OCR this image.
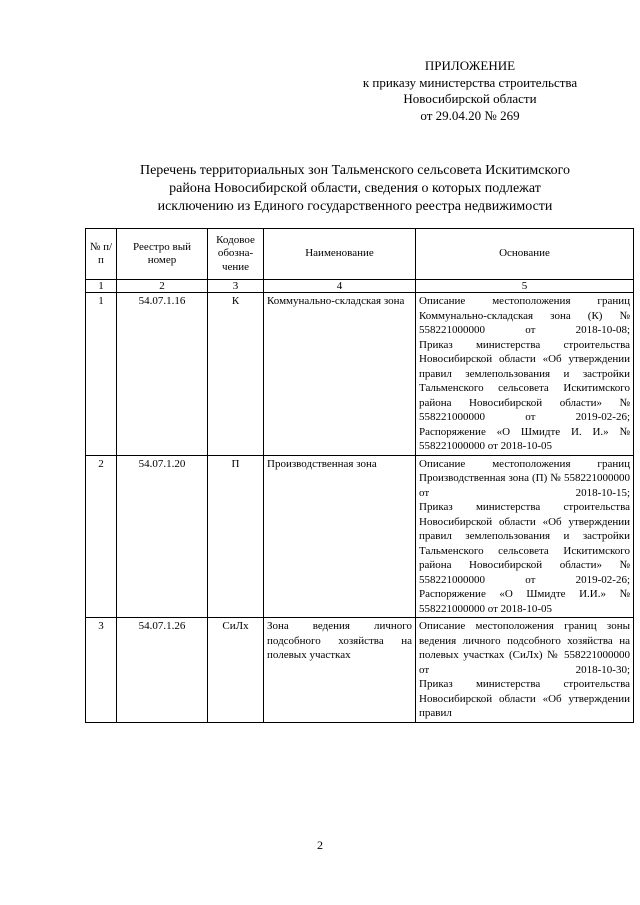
ПРИЛОЖЕНИЕ
к приказу министерства строительства
Новосибирской области
от 29.04.20 № 269
Перечень территориальных зон Тальменского сельсовета Искитимского
района Новосибирской области, сведения о которых подлежат
исключению из Единого государственного реестра недвижимости
№ п/п	Реестро вый номер	Кодовое обозна-чение	Наименование	Основание
1	2	3	4	5
1	54.07.1.16	К	Коммунально-складская зона	Описание местоположения границ Коммунально-складская зона (К) № 558221000000 от 2018-10-08;

Приказ министерства строительства Новосибирской области «Об утверждении правил землепользования и застройки Тальменского сельсовета Искитимского района Новосибирской области» № 558221000000 от 2019-02-26;

Распоряжение «О Шмидте И. И.» № 558221000000 от 2018-10-05

2	54.07.1.20	П	Производственная зона	Описание местоположения границ Производственная зона (П) № 558221000000 от 2018-10-15;

Приказ министерства строительства Новосибирской области «Об утверждении правил землепользования и застройки Тальменского сельсовета Искитимского района Новосибирской области» № 558221000000 от 2019-02-26;

Распоряжение «О Шмидте И.И.» № 558221000000 от 2018-10-05

3	54.07.1.26	СиЛх	Зона ведения личного подсобного хозяйства на полевых участках	Описание местоположения границ зоны ведения личного подсобного хозяйства на полевых участках (СиЛх) № 558221000000 от 2018-10-30;

Приказ министерства строительства Новосибирской области «Об утверждении правил

2
